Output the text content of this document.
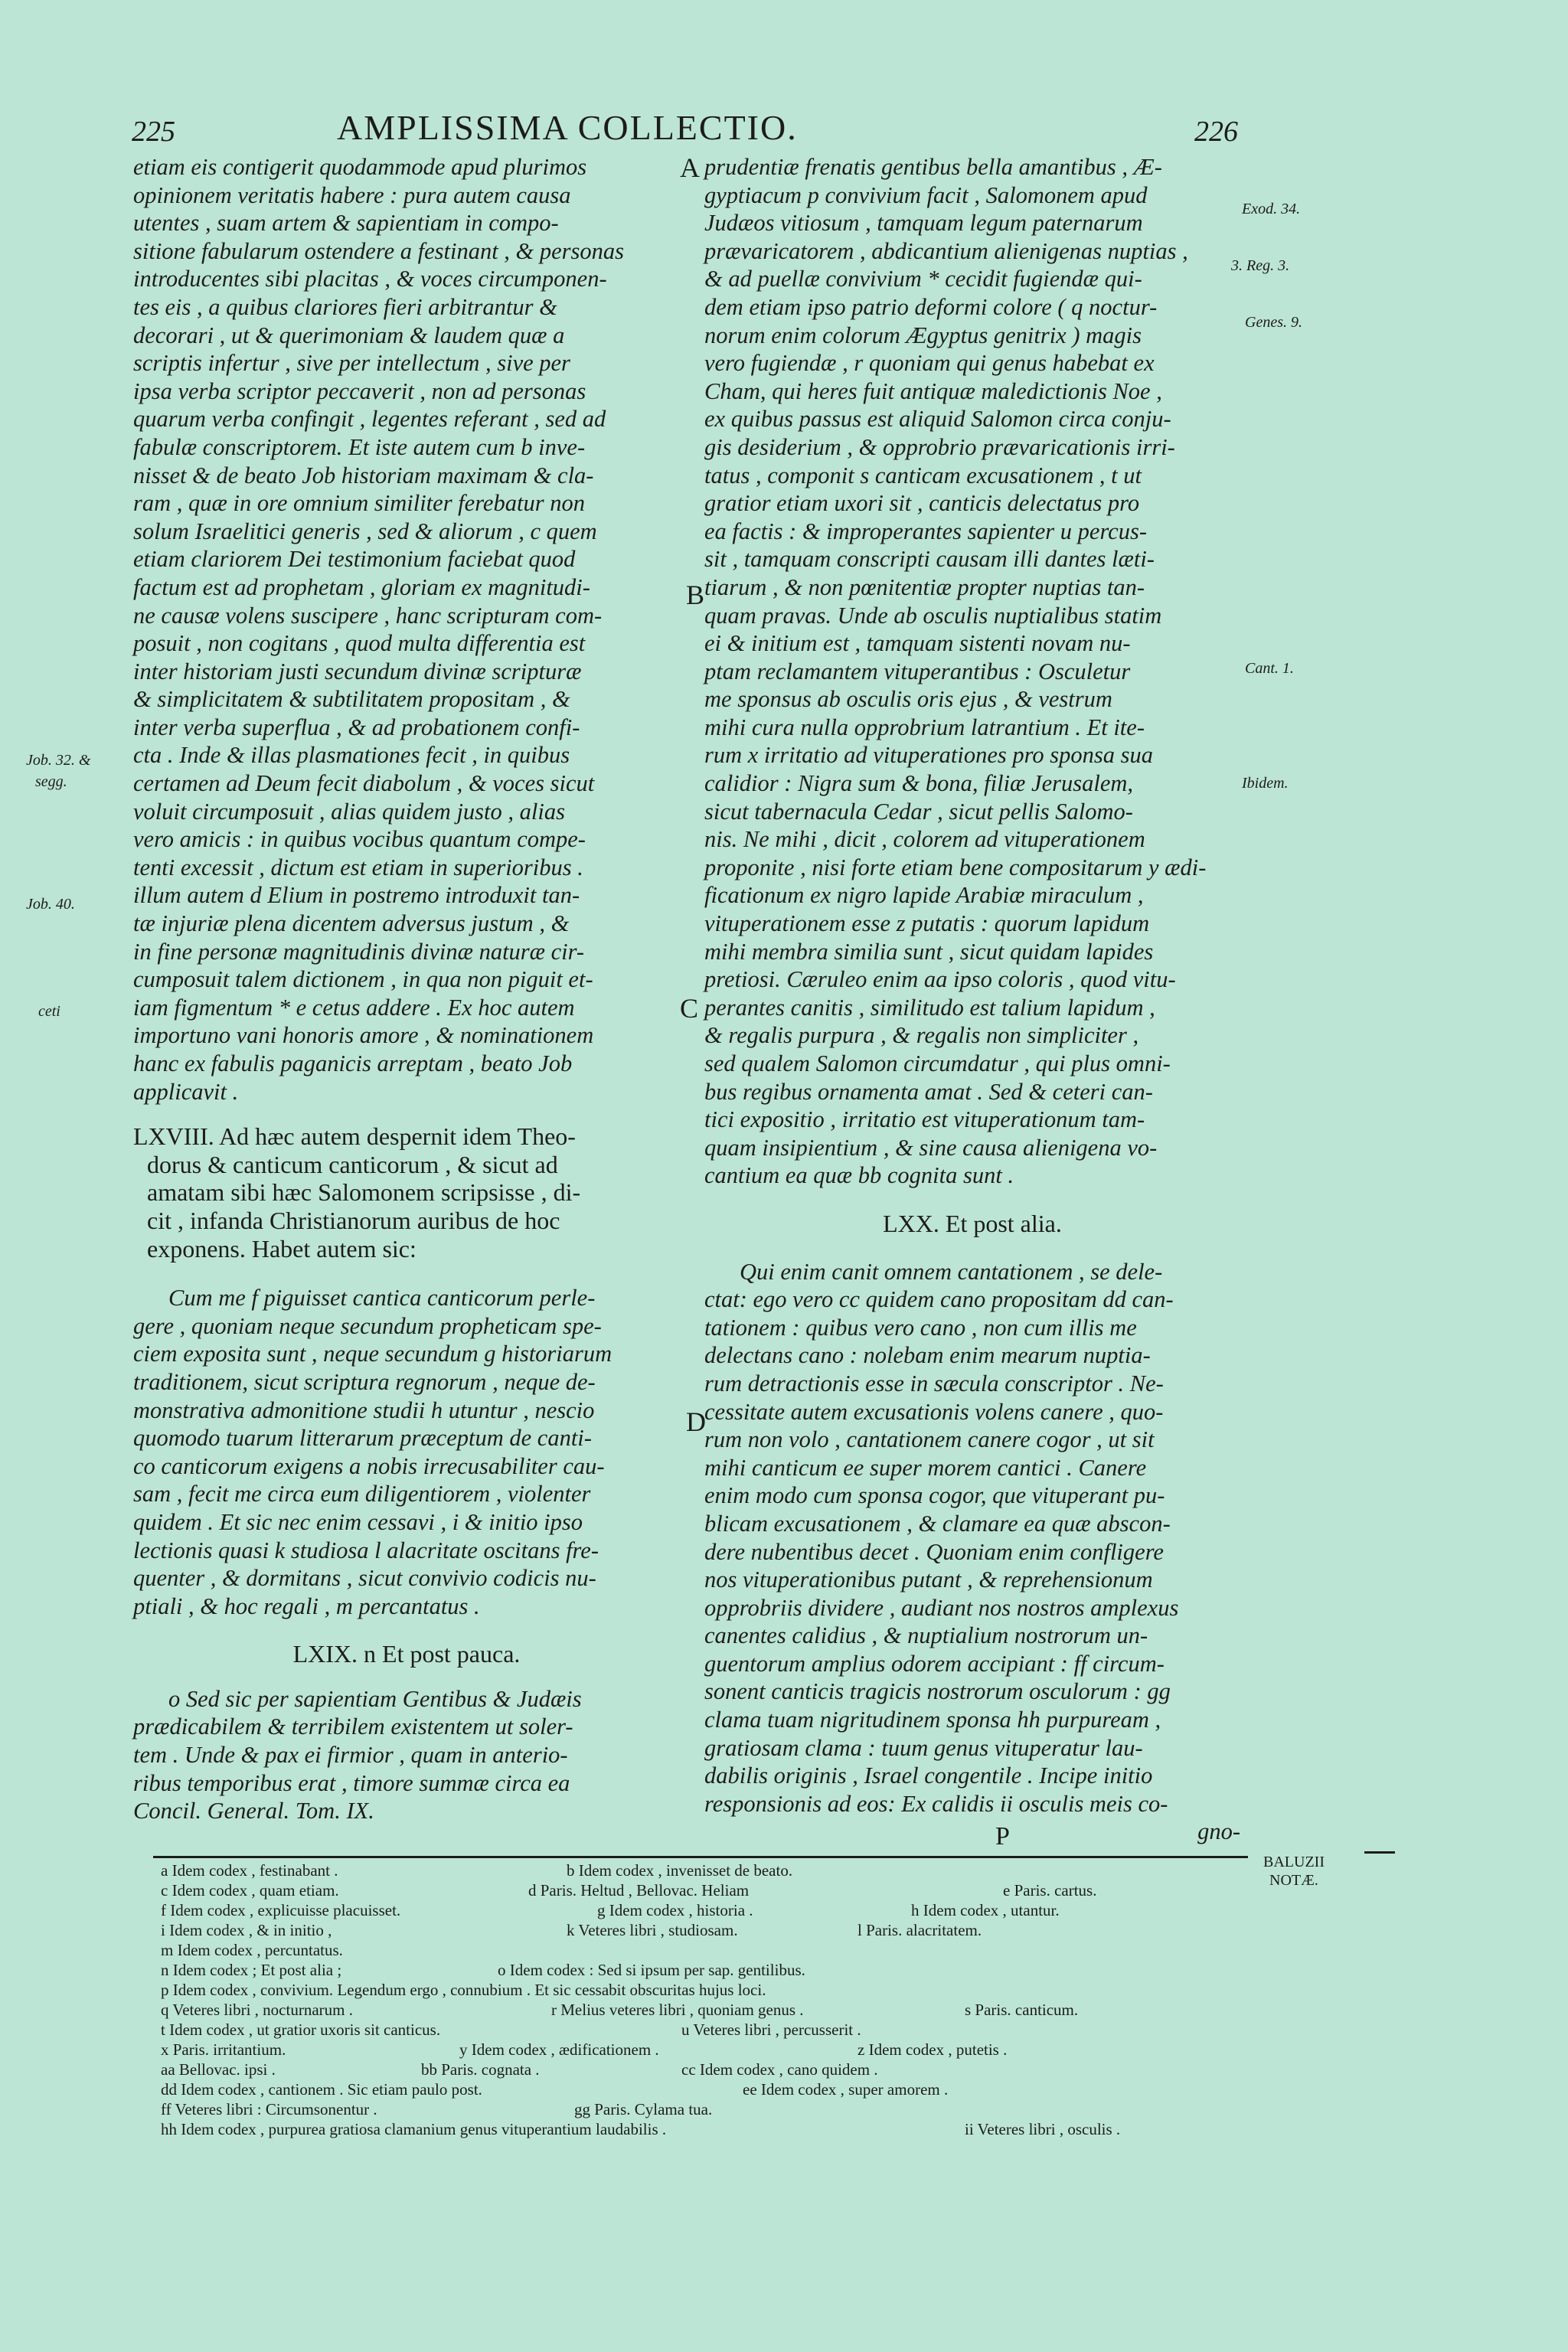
225	AMPLISSIMA COLLECTIO.	226
A
B
C
D
Job. 32. &
segg.
Job. 40.
ceti
Exod. 34.
3. Reg. 3.
Genes. 9.
Cant. 1.
Ibidem.

etiam eis contigerit quodammode apud plurimos
opinionem veritatis habere : pura autem causa
utentes , suam artem & sapientiam in compo-
sitione fabularum ostendere a festinant , & personas
introducentes sibi placitas , & voces circumponen-
tes eis , a quibus clariores fieri arbitrantur &
decorari , ut & querimoniam & laudem quæ a
scriptis infertur , sive per intellectum , sive per
ipsa verba scriptor peccaverit , non ad personas
quarum verba confingit , legentes referant , sed ad
fabulæ conscriptorem. Et iste autem cum b inve-
nisset & de beato Job historiam maximam & cla-
ram , quæ in ore omnium similiter ferebatur non
solum Israelitici generis , sed & aliorum , c quem
etiam clariorem Dei testimonium faciebat quod
factum est ad prophetam , gloriam ex magnitudi-
ne causæ volens suscipere , hanc scripturam com-
posuit , non cogitans , quod multa differentia est
inter historiam justi secundum divinæ scripturæ
& simplicitatem & subtilitatem propositam , &
inter verba superflua , & ad probationem confi-
cta . Inde & illas plasmationes fecit , in quibus
certamen ad Deum fecit diabolum , & voces sicut
voluit circumposuit , alias quidem justo , alias
vero amicis : in quibus vocibus quantum compe-
tenti excessit , dictum est etiam in superioribus .
illum autem d Elium in postremo introduxit tan-
tæ injuriæ plena dicentem adversus justum , &
in fine personæ magnitudinis divinæ naturæ cir-
cumposuit talem dictionem , in qua non piguit et-
iam figmentum * e cetus addere . Ex hoc autem
importuno vani honoris amore , & nominationem
hanc ex fabulis paganicis arreptam , beato Job
applicavit .

LXVIII. Ad hæc autem despernit idem Theo-
dorus & canticum canticorum , & sicut ad
amatam sibi hæc Salomonem scripsisse , di-
cit , infanda Christianorum auribus de hoc
exponens. Habet autem sic:

Cum me f piguisset cantica canticorum perle-
gere , quoniam neque secundum propheticam spe-
ciem exposita sunt , neque secundum g historiarum
traditionem, sicut scriptura regnorum , neque de-
monstrativa admonitione studii h utuntur , nescio
quomodo tuarum litterarum præceptum de canti-
co canticorum exigens a nobis irrecusabiliter cau-
sam , fecit me circa eum diligentiorem , violenter
quidem . Et sic nec enim cessavi , i & initio ipso
lectionis quasi k studiosa l alacritate oscitans fre-
quenter , & dormitans , sicut convivio codicis nu-
ptiali , & hoc regali , m percantatus .

LXIX. n Et post pauca.

o Sed sic per sapientiam Gentibus & Judæis
prædicabilem & terribilem existentem ut soler-
tem . Unde & pax ei firmior , quam in anterio-
ribus temporibus erat , timore summæ circa ea

Concil. General. Tom. IX.

prudentiæ frenatis gentibus bella amantibus , Æ-
gyptiacum p convivium facit , Salomonem apud
Judæos vitiosum , tamquam legum paternarum
prævaricatorem , abdicantium alienigenas nuptias ,
& ad puellæ convivium * cecidit fugiendæ qui-
dem etiam ipso patrio deformi colore ( q noctur-
norum enim colorum Ægyptus genitrix ) magis
vero fugiendæ , r quoniam qui genus habebat ex
Cham, qui heres fuit antiquæ maledictionis Noe ,
ex quibus passus est aliquid Salomon circa conju-
gis desiderium , & opprobrio prævaricationis irri-
tatus , componit s canticam excusationem , t ut
gratior etiam uxori sit , canticis delectatus pro
ea factis : & improperantes sapienter u percus-
sit , tamquam conscripti causam illi dantes læti-
tiarum , & non pœnitentiæ propter nuptias tan-
quam pravas. Unde ab osculis nuptialibus statim
ei & initium est , tamquam sistenti novam nu-
ptam reclamantem vituperantibus : Osculetur
me sponsus ab osculis oris ejus , & vestrum
mihi cura nulla opprobrium latrantium . Et ite-
rum x irritatio ad vituperationes pro sponsa sua
calidior : Nigra sum & bona, filiæ Jerusalem,
sicut tabernacula Cedar , sicut pellis Salomo-
nis. Ne mihi , dicit , colorem ad vituperationem
proponite , nisi forte etiam bene compositarum y ædi-
ficationum ex nigro lapide Arabiæ miraculum ,
vituperationem esse z putatis : quorum lapidum
mihi membra similia sunt , sicut quidam lapides
pretiosi. Cæruleo enim aa ipso coloris , quod vitu-
perantes canitis , similitudo est talium lapidum ,
& regalis purpura , & regalis non simpliciter ,
sed qualem Salomon circumdatur , qui plus omni-
bus regibus ornamenta amat . Sed & ceteri can-
tici expositio , irritatio est vituperationum tam-
quam insipientium , & sine causa alienigena vo-
cantium ea quæ bb cognita sunt .

LXX. Et post alia.

Qui enim canit omnem cantationem , se delе-
ctat: ego vero cc quidem cano propositam dd can-
tationem : quibus vero cano , non cum illis me
delectans cano : nolebam enim mearum nuptia-
rum detractionis esse in sæcula conscriptor . Ne-
cessitate autem excusationis volens canere , quo-
rum non volo , cantationem canere cogor , ut sit
mihi canticum ee super morem cantici . Canere
enim modo cum sponsa cogor, que vituperant pu-
blicam excusationem , & clamare ea quæ abscon-
dere nubentibus decet . Quoniam enim confligere
nos vituperationibus putant , & reprehensionum
opprobriis dividere , audiant nos nostros amplexus
canentes calidius , & nuptialium nostrorum un-
guentorum amplius odorem accipiant : ff circum-
sonent canticis tragicis nostrorum osculorum : gg
clama tuam nigritudinem sponsa hh purpuream ,
gratiosam clama : tuum genus vituperatur lau-
dabilis originis , Israel congentile . Incipe initio
responsionis ad eos: Ex calidis ii osculis meis co-

gno-

P
BALUZII
NOTÆ.
a Idem codex , festinabant .	b Idem codex , invenisset de beato.
c Idem codex , quam etiam.	d Paris. Heltud , Bellovac. Heliam	e Paris. cartus.
f Idem codex , explicuisse placuisset.	g Idem codex , historia .	h Idem codex , utantur.
i Idem codex , & in initio ,	k Veteres libri , studiosam.	l Paris. alacritatem.
m Idem codex , percuntatus.
n Idem codex ; Et post alia ;	o Idem codex : Sed si ipsum per sap. gentilibus.
p Idem codex , convivium. Legendum ergo , connubium . Et sic cessabit obscuritas hujus loci.
q Veteres libri , nocturnarum .	r Melius veteres libri , quoniam genus .	s Paris. canticum.
t Idem codex , ut gratior uxoris sit canticus.	u Veteres libri , percusserit .
x Paris. irritantium.	y Idem codex , ædificationem .	z Idem codex , putetis .
aa Bellovac. ipsi .	bb Paris. cognata .	cc Idem codex , cano quidem .
dd Idem codex , cantionem . Sic etiam paulo post.	ee Idem codex , super amorem .
ff Veteres libri : Circumsonentur .	gg Paris. Cylama tua.
hh Idem codex , purpurea gratiosa clamanium genus vituperantium laudabilis .	ii Veteres libri , osculis .
